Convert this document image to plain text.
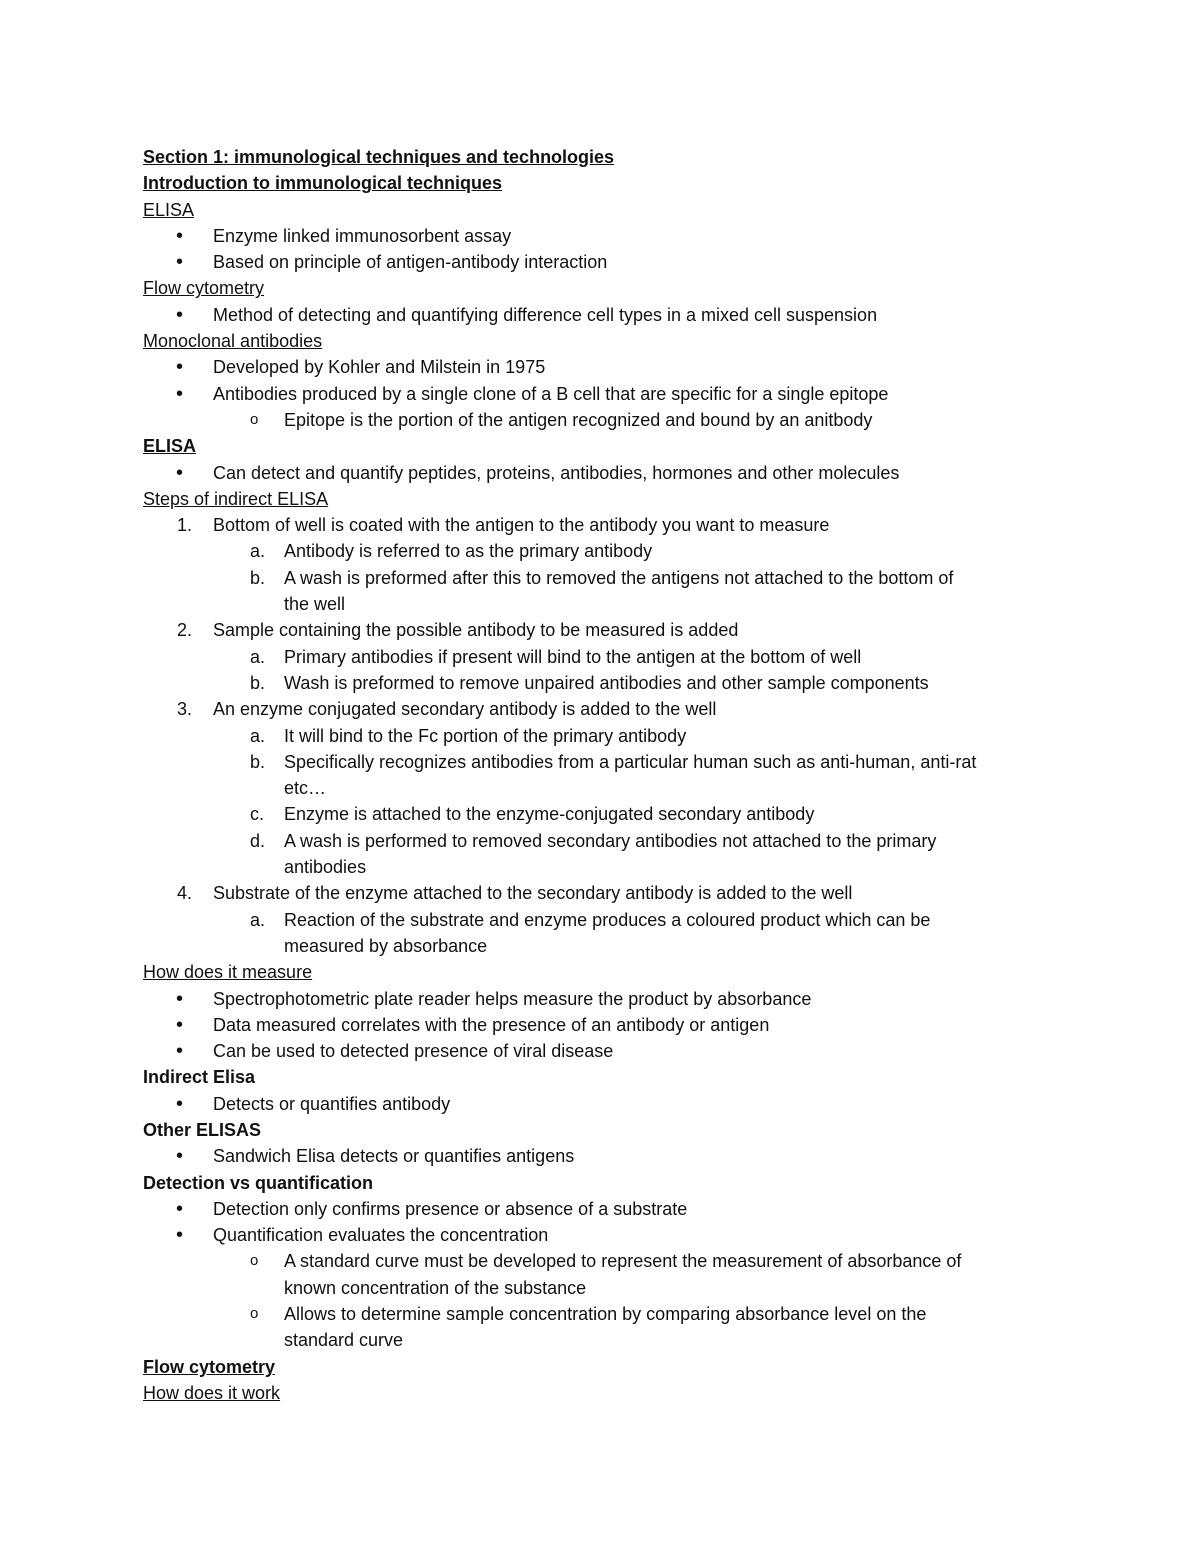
Section 1: immunological techniques and technologies
Introduction to immunological techniques
ELISA
•
Enzyme linked immunosorbent assay
•
Based on principle of antigen-antibody interaction
Flow cytometry
•
Method of detecting and quantifying difference cell types in a mixed cell suspension
Monoclonal antibodies
•
Developed by Kohler and Milstein in 1975
•
Antibodies produced by a single clone of a B cell that are specific for a single epitope
o
Epitope is the portion of the antigen recognized and bound by an anitbody
ELISA
•
Can detect and quantify peptides, proteins, antibodies, hormones and other molecules
Steps of indirect ELISA
1. Bottom of well is coated with the antigen to the antibody you want to measure
a. Antibody is referred to as the primary antibody
b. A wash is preformed after this to removed the antigens not attached to the bottom of
the well
2. Sample containing the possible antibody to be measured is added
a. Primary antibodies if present will bind to the antigen at the bottom of well
b. Wash is preformed to remove unpaired antibodies and other sample components
3. An enzyme conjugated secondary antibody is added to the well
a. It will bind to the Fc portion of the primary antibody
b. Specifically recognizes antibodies from a particular human such as anti-human, anti-rat
etc…
c. Enzyme is attached to the enzyme-conjugated secondary antibody
d. A wash is performed to removed secondary antibodies not attached to the primary
antibodies
4. Substrate of the enzyme attached to the secondary antibody is added to the well
a. Reaction of the substrate and enzyme produces a coloured product which can be
measured by absorbance
How does it measure
•
Spectrophotometric plate reader helps measure the product by absorbance
•
Data measured correlates with the presence of an antibody or antigen
•
Can be used to detected presence of viral disease
Indirect Elisa
•
Detects or quantifies antibody
Other ELISAS
•
Sandwich Elisa detects or quantifies antigens
Detection vs quantification
•
Detection only confirms presence or absence of a substrate
•
Quantification evaluates the concentration
o
A standard curve must be developed to represent the measurement of absorbance of
known concentration of the substance
o
Allows to determine sample concentration by comparing absorbance level on the
standard curve
Flow cytometry
How does it work
